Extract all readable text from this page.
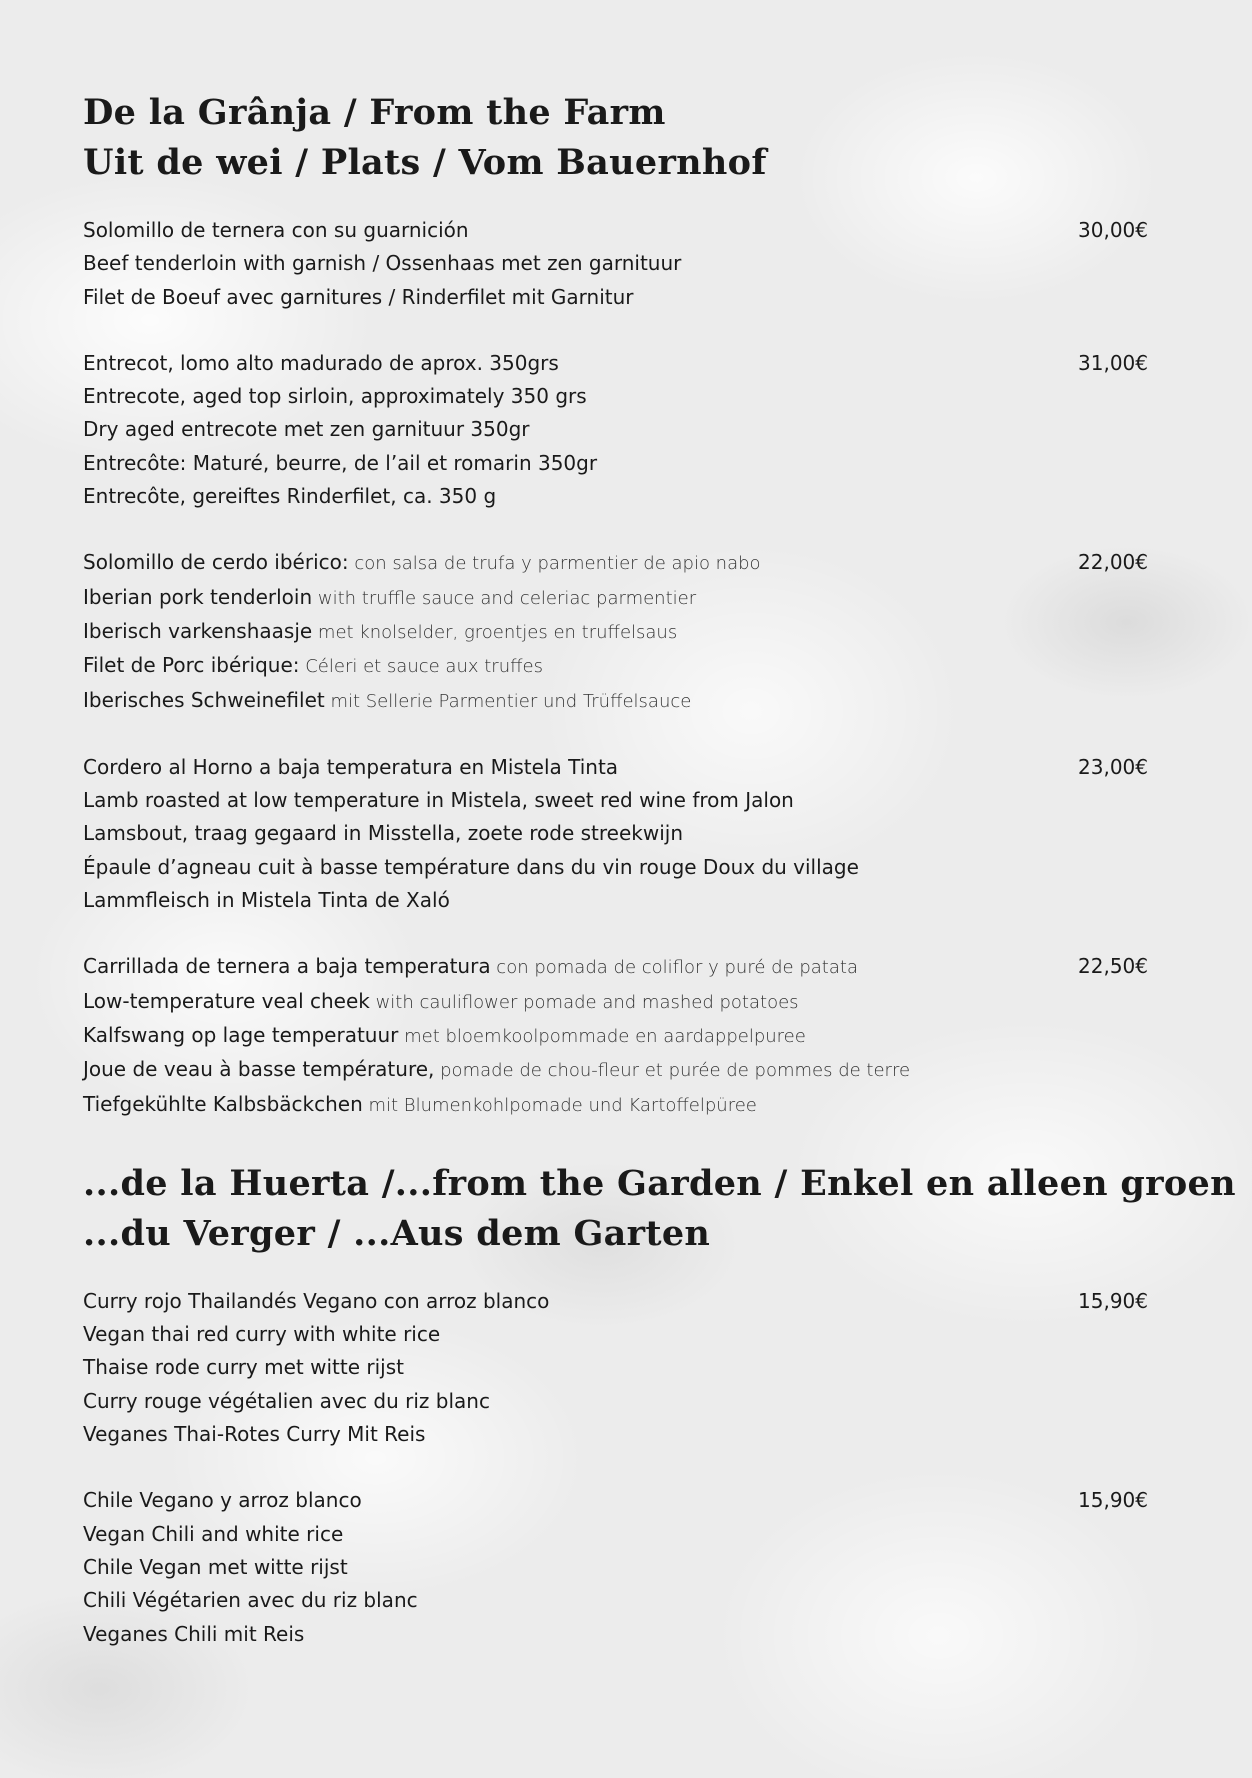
De la Grânja / From the Farm
Uit de wei / Plats / Vom Bauernhof
30,00€
Solomillo de ternera con su guarnición
Beef tenderloin with garnish / Ossenhaas met zen garnituur
Filet de Boeuf avec garnitures / Rinderfilet mit Garnitur
31,00€
Entrecot, lomo alto madurado de aprox. 350grs
Entrecote, aged top sirloin, approximately 350 grs
Dry aged entrecote met zen garnituur 350gr
Entrecôte: Maturé, beurre, de l’ail et romarin 350gr
Entrecôte, gereiftes Rinderfilet, ca. 350 g
22,00€
Solomillo de cerdo ibérico: con salsa de trufa y parmentier de apio nabo
Iberian pork tenderloin with truffle sauce and celeriac parmentier
Iberisch varkenshaasje met knolselder, groentjes en truffelsaus
Filet de Porc ibérique: Céleri et sauce aux truffes
Iberisches Schweinefilet mit Sellerie Parmentier und Trüffelsauce
23,00€
Cordero al Horno a baja temperatura en Mistela Tinta
Lamb roasted at low temperature in Mistela, sweet red wine from Jalon
Lamsbout, traag gegaard in Misstella, zoete rode streekwijn
Épaule d’agneau cuit à basse température dans du vin rouge Doux du village
Lammfleisch in Mistela Tinta de Xaló
22,50€
Carrillada de ternera a baja temperatura con pomada de coliflor y puré de patata
Low-temperature veal cheek with cauliflower pomade and mashed potatoes
Kalfswang op lage temperatuur met bloemkoolpommade en aardappelpuree
Joue de veau à basse température, pomade de chou-fleur et purée de pommes de terre
Tiefgekühlte Kalbsbäckchen mit Blumenkohlpomade und Kartoffelpüree
...de la Huerta /...from the Garden / Enkel en alleen groen
...du Verger / ...Aus dem Garten
15,90€
Curry rojo Thailandés Vegano con arroz blanco
Vegan thai red curry with white rice
Thaise rode curry met witte rijst
Curry rouge végétalien avec du riz blanc
Veganes Thai-Rotes Curry Mit Reis
15,90€
Chile Vegano y arroz blanco
Vegan Chili and white rice
Chile Vegan met witte rijst
Chili Végétarien avec du riz blanc
Veganes Chili mit Reis
